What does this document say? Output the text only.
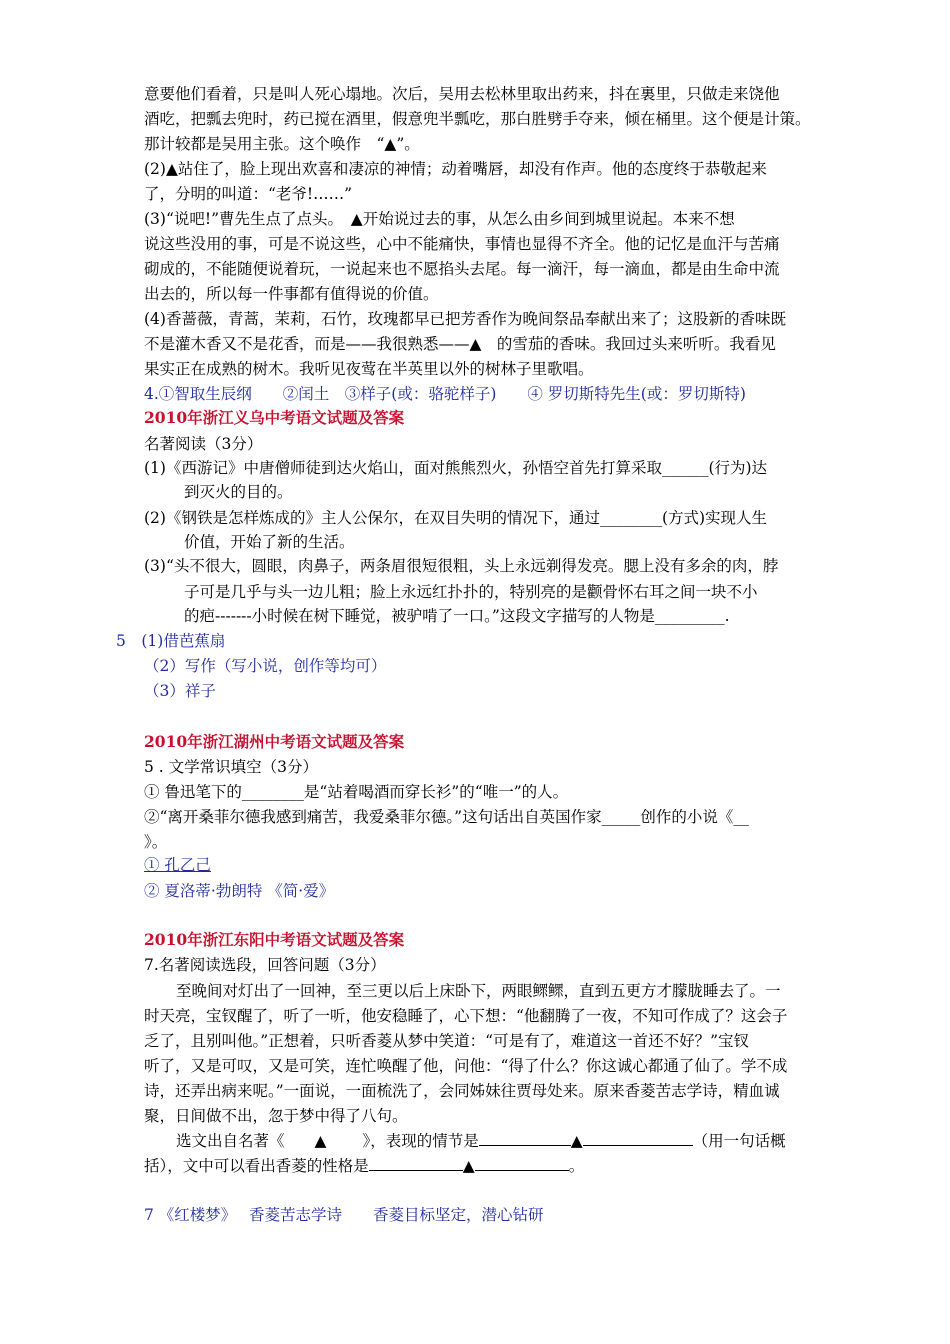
意要他们看着，只是叫人死心塌地。次后，吴用去松林里取出药来，抖在裏里，只做走来饶他
酒吃，把瓢去兜时，药已搅在酒里，假意兜半瓢吃，那白胜劈手夺来，倾在桶里。这个便是计策。
那计较都是吴用主张。这个唤作　“▲”。
(2)▲站住了，脸上现出欢喜和凄凉的神情；动着嘴唇，却没有作声。他的态度终于恭敬起来
了，分明的叫道：“老爷!……”
(3)“说吧!”曹先生点了点头。　▲开始说过去的事，从怎么由乡间到城里说起。本来不想
说这些没用的事，可是不说这些，心中不能痛快，事情也显得不齐全。他的记忆是血汗与苦痛
砌成的，不能随便说着玩，一说起来也不愿掐头去尾。每一滴汗，每一滴血，都是由生命中流
出去的，所以每一件事都有值得说的价值。
(4)香蔷薇，青蒿，茉莉，石竹，玫瑰都早已把芳香作为晚间祭品奉献出来了；这股新的香味既
不是灌木香又不是花香，而是——我很熟悉——▲　的雪茄的香味。我回过头来听听。我看见
果实正在成熟的树木。我听见夜莺在半英里以外的树林子里歌唱。
4.①智取生辰纲　　②闰土　③样子(或：骆驼样子)　　④ 罗切斯特先生(或：罗切斯特)
2010年浙江义乌中考语文试题及答案
名著阅读（3分）
(1)《西游记》中唐僧师徒到达火焰山，面对熊熊烈火，孙悟空首先打算采取______(行为)达
到灭火的目的。
(2)《钢铁是怎样炼成的》主人公保尔，在双目失明的情况下，通过________(方式)实现人生
价值，开始了新的生活。
(3)“头不很大，圆眼，肉鼻子，两条眉很短很粗，头上永远剃得发亮。腮上没有多余的肉，脖
子可是几乎与头一边儿粗；脸上永远红扑扑的，特别亮的是颧骨怀右耳之间一块不小
的疤-------小时候在树下睡觉，被驴啃了一口。”这段文字描写的人物是_________.
5　(1)借芭蕉扇
（2）写作（写小说，创作等均可）
（3）祥子
2010年浙江湖州中考语文试题及答案
5 . 文学常识填空（3分）
① 鲁迅笔下的________是“站着喝酒而穿长衫”的“唯一”的人。
②“离开桑菲尔德我感到痛苦，我爱桑菲尔德。”这句话出自英国作家_____创作的小说《__
》。
① 孔乙己
② 夏洛蒂·勃朗特 《简·爱》
2010年浙江东阳中考语文试题及答案
7.名著阅读选段，回答问题（3分）
至晚间对灯出了一回神，至三更以后上床卧下，两眼鳏鳏，直到五更方才朦胧睡去了。一
时天亮，宝钗醒了，听了一听，他安稳睡了，心下想：“他翻腾了一夜，不知可作成了？这会子
乏了，且别叫他。”正想着，只听香菱从梦中笑道：“可是有了，难道这一首还不好？”宝钗
听了，又是可叹，又是可笑，连忙唤醒了他，问他：“得了什么？你这诚心都通了仙了。学不成
诗，还弄出病来呢。”一面说，一面梳洗了，会同姊妹往贾母处来。原来香菱苦志学诗，精血诚
聚，日间做不出，忽于梦中得了八句。
选文出自名著《 ▲ 》，表现的情节是	▲	（用一句话概
括），文中可以看出香菱的性格是	▲	。
7 《红楼梦》　 香菱苦志学诗　　香菱目标坚定，潜心钻研
